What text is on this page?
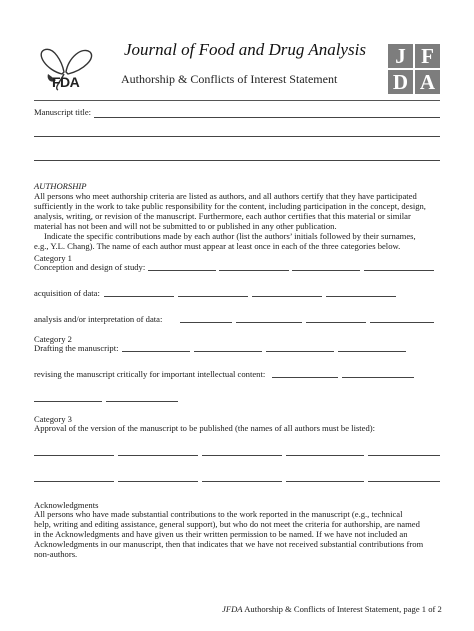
FDA
Journal of Food and Drug Analysis
Authorship & Conflicts of Interest Statement
J F
D A
Manuscript title:
AUTHORSHIP
All persons who meet authorship criteria are listed as authors, and all authors certify that they have participated
sufficiently in the work to take public responsibility for the content, including participation in the concept, design,
analysis, writing, or revision of the manuscript. Furthermore, each author certifies that this material or similar
material has not been and will not be submitted to or published in any other publication.
Indicate the specific contributions made by each author (list the authors’ initials followed by their surnames,
e.g., Y.L. Chang). The name of each author must appear at least once in each of the three categories below.
Category 1
Conception and design of study:
acquisition of data:
analysis and/or interpretation of data:
Category 2
Drafting the manuscript:
revising the manuscript critically for important intellectual content:
Category 3
Approval of the version of the manuscript to be published (the names of all authors must be listed):
Acknowledgments
All persons who have made substantial contributions to the work reported in the manuscript (e.g., technical
help, writing and editing assistance, general support), but who do not meet the criteria for authorship, are named
in the Acknowledgments and have given us their written permission to be named. If we have not included an
Acknowledgments in our manuscript, then that indicates that we have not received substantial contributions from
non-authors.
JFDA Authorship & Conflicts of Interest Statement, page 1 of 2
